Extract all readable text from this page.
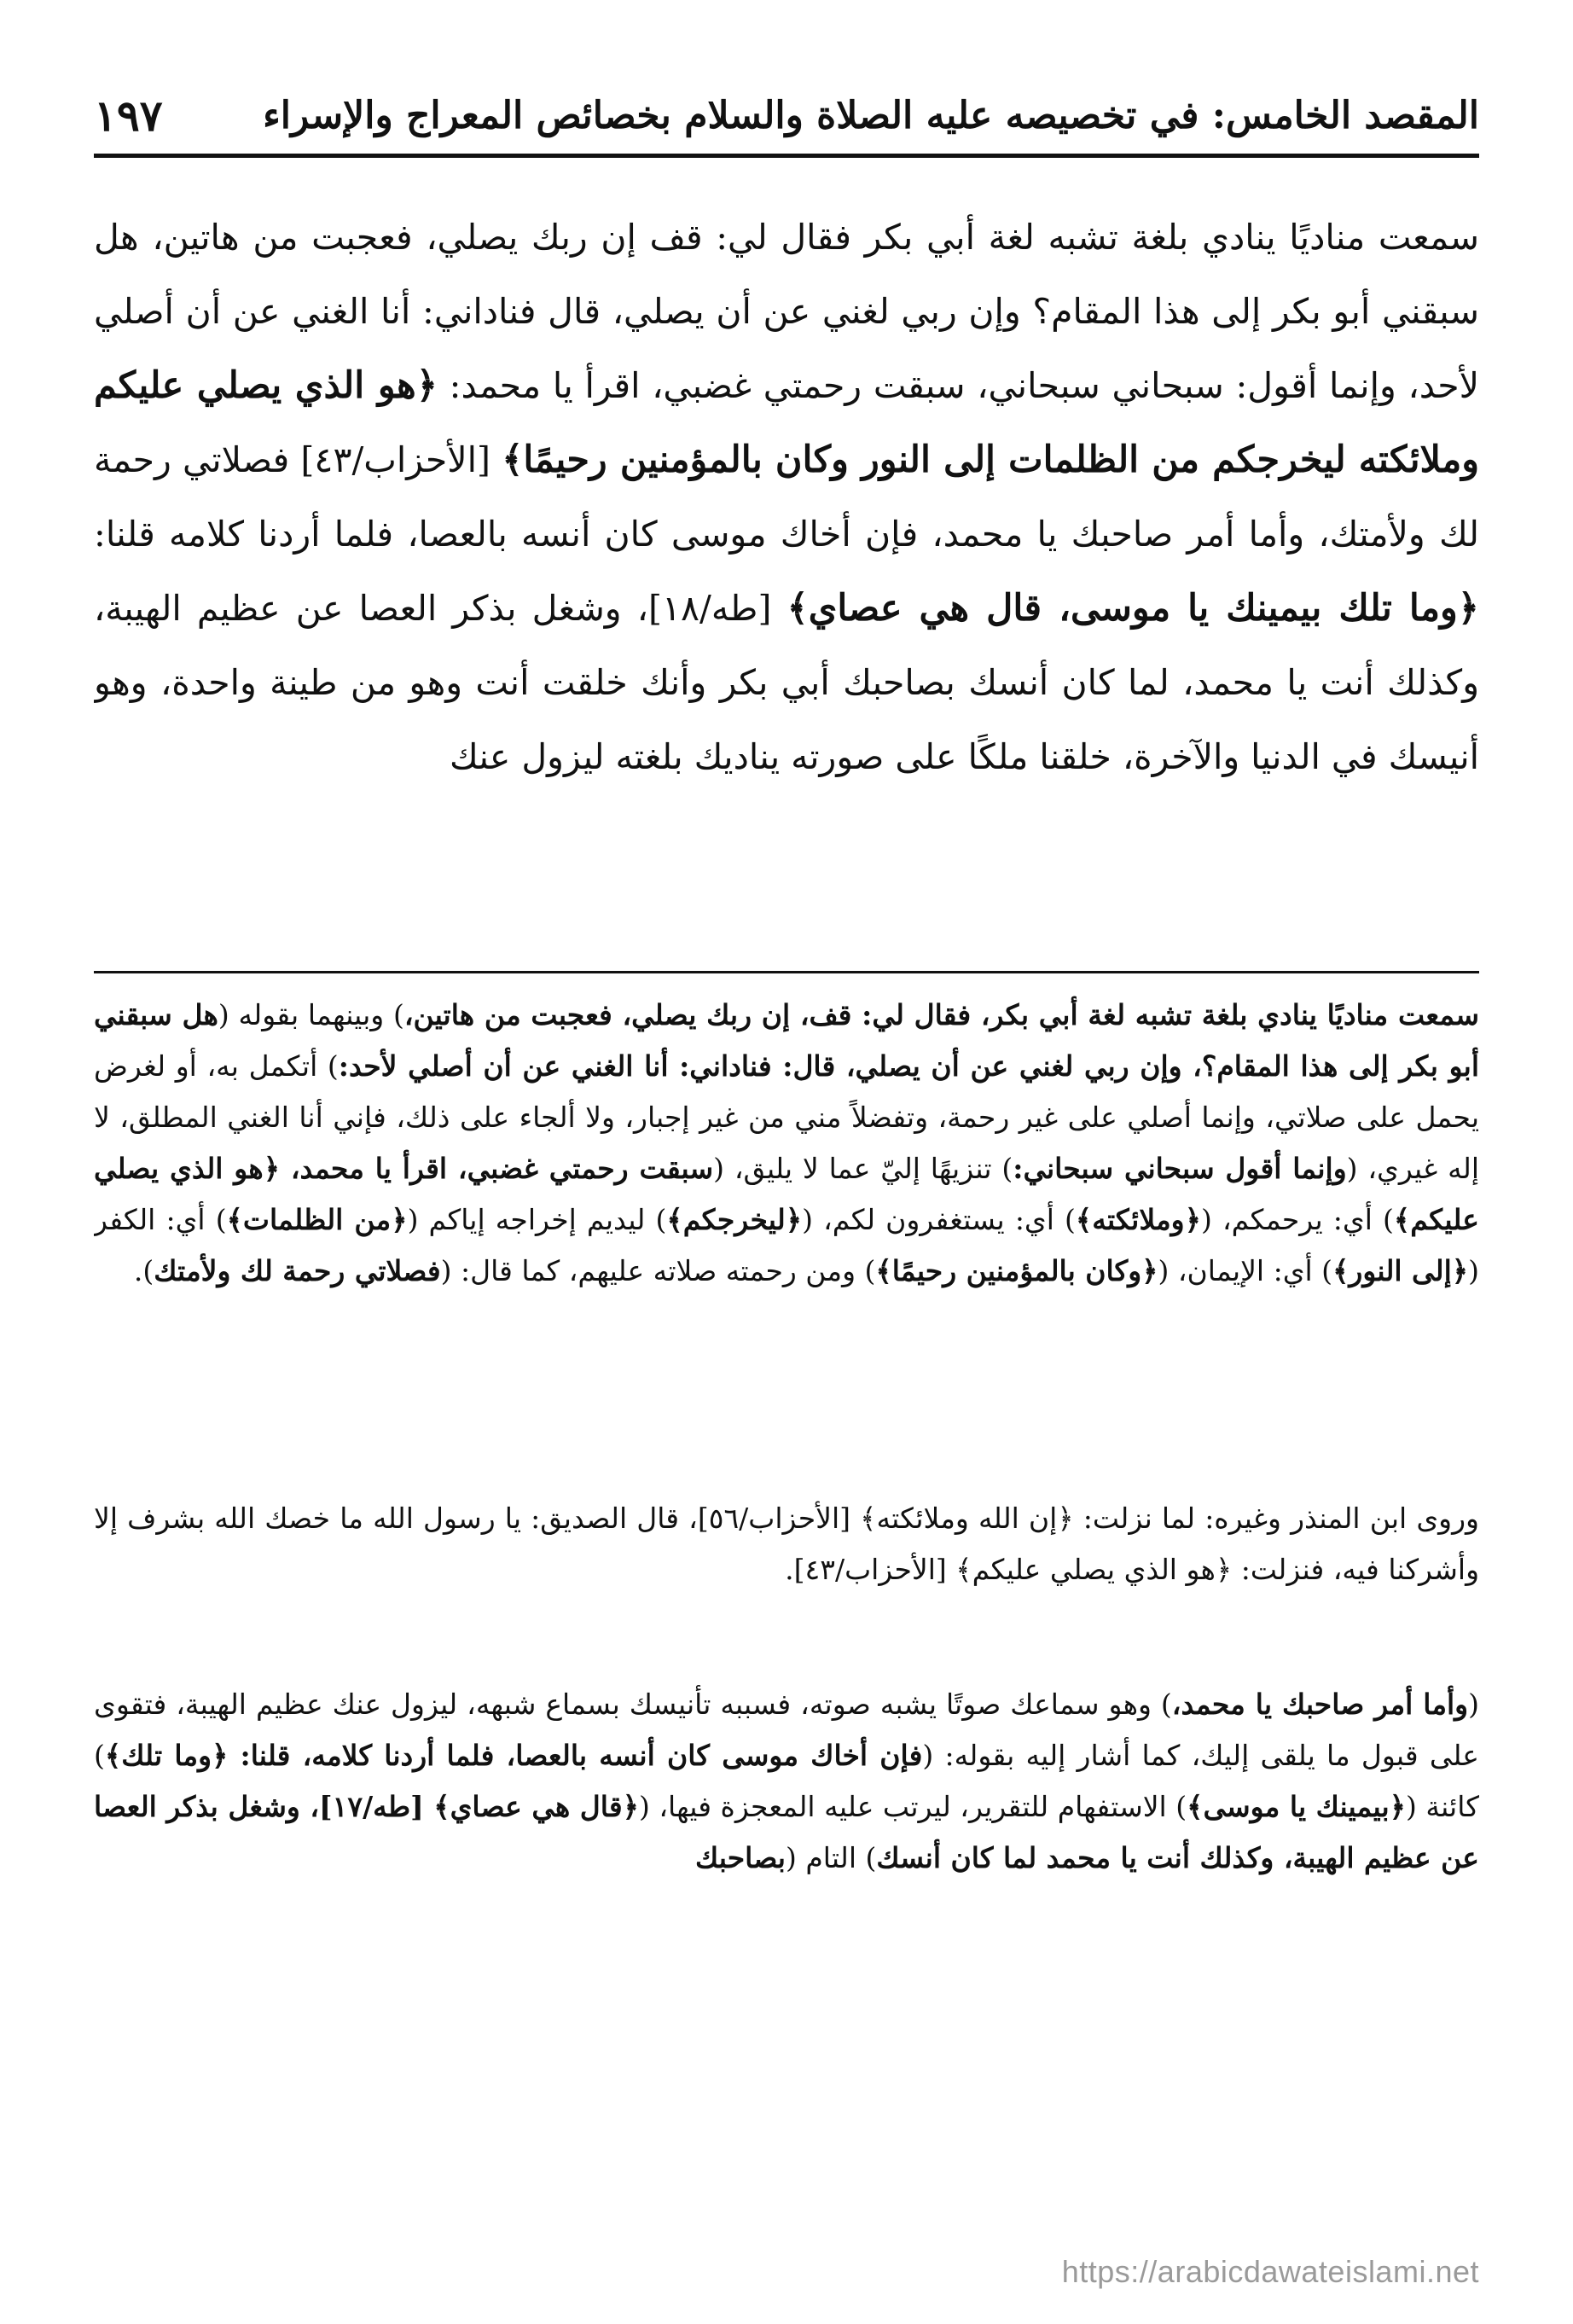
المقصد الخامس: في تخصيصه عليه الصلاة والسلام بخصائص المعراج والإسراء
١٩٧
سمعت مناديًا ينادي بلغة تشبه لغة أبي بكر فقال لي: قف إن ربك يصلي، فعجبت من هاتين، هل سبقني أبو بكر إلى هذا المقام؟ وإن ربي لغني عن أن يصلي، قال فناداني: أنا الغني عن أن أصلي لأحد، وإنما أقول: سبحاني سبحاني، سبقت رحمتي غضبي، اقرأ يا محمد: ﴿هو الذي يصلي عليكم وملائكته ليخرجكم من الظلمات إلى النور وكان بالمؤمنين رحيمًا﴾ [الأحزاب/٤٣] فصلاتي رحمة لك ولأمتك، وأما أمر صاحبك يا محمد، فإن أخاك موسى كان أنسه بالعصا، فلما أردنا كلامه قلنا: ﴿وما تلك بيمينك يا موسى، قال هي عصاي﴾ [طه/١٨]، وشغل بذكر العصا عن عظيم الهيبة، وكذلك أنت يا محمد، لما كان أنسك بصاحبك أبي بكر وأنك خلقت أنت وهو من طينة واحدة، وهو أنيسك في الدنيا والآخرة، خلقنا ملكًا على صورته يناديك بلغته ليزول عنك

سمعت مناديًا ينادي بلغة تشبه لغة أبي بكر، فقال لي: قف، إن ربك يصلي، فعجبت من هاتين،) وبينهما بقوله (هل سبقني أبو بكر إلى هذا المقام؟، وإن ربي لغني عن أن يصلي، قال: فناداني: أنا الغني عن أن أصلي لأحد:) أتكمل به، أو لغرض يحمل على صلاتي، وإنما أصلي على غير رحمة، وتفضلاً مني من غير إجبار، ولا ألجاء على ذلك، فإني أنا الغني المطلق، لا إله غيري، (وإنما أقول سبحاني سبحاني:) تنزيهًا إليّ عما لا يليق، (سبقت رحمتي غضبي، اقرأ يا محمد، ﴿هو الذي يصلي عليكم﴾) أي: يرحمكم، (﴿وملائكته﴾) أي: يستغفرون لكم، (﴿ليخرجكم﴾) ليديم إخراجه إياكم (﴿من الظلمات﴾) أي: الكفر (﴿إلى النور﴾) أي: الإيمان، (﴿وكان بالمؤمنين رحيمًا﴾) ومن رحمته صلاته عليهم، كما قال: (فصلاتي رحمة لك ولأمتك).

وروى ابن المنذر وغيره: لما نزلت: ﴿إن الله وملائكته﴾ [الأحزاب/٥٦]، قال الصديق: يا رسول الله ما خصك الله بشرف إلا وأشركنا فيه، فنزلت: ﴿هو الذي يصلي عليكم﴾ [الأحزاب/٤٣].

(وأما أمر صاحبك يا محمد،) وهو سماعك صوتًا يشبه صوته، فسببه تأنيسك بسماع شبهه، ليزول عنك عظيم الهيبة، فتقوى على قبول ما يلقى إليك، كما أشار إليه بقوله: (فإن أخاك موسى كان أنسه بالعصا، فلما أردنا كلامه، قلنا: ﴿وما تلك﴾) كائنة (﴿بيمينك يا موسى﴾) الاستفهام للتقرير، ليرتب عليه المعجزة فيها، (﴿قال هي عصاي﴾ [طه/١٧]، وشغل بذكر العصا عن عظيم الهيبة، وكذلك أنت يا محمد لما كان أنسك) التام (بصاحبك

https://arabicdawateislami.net
